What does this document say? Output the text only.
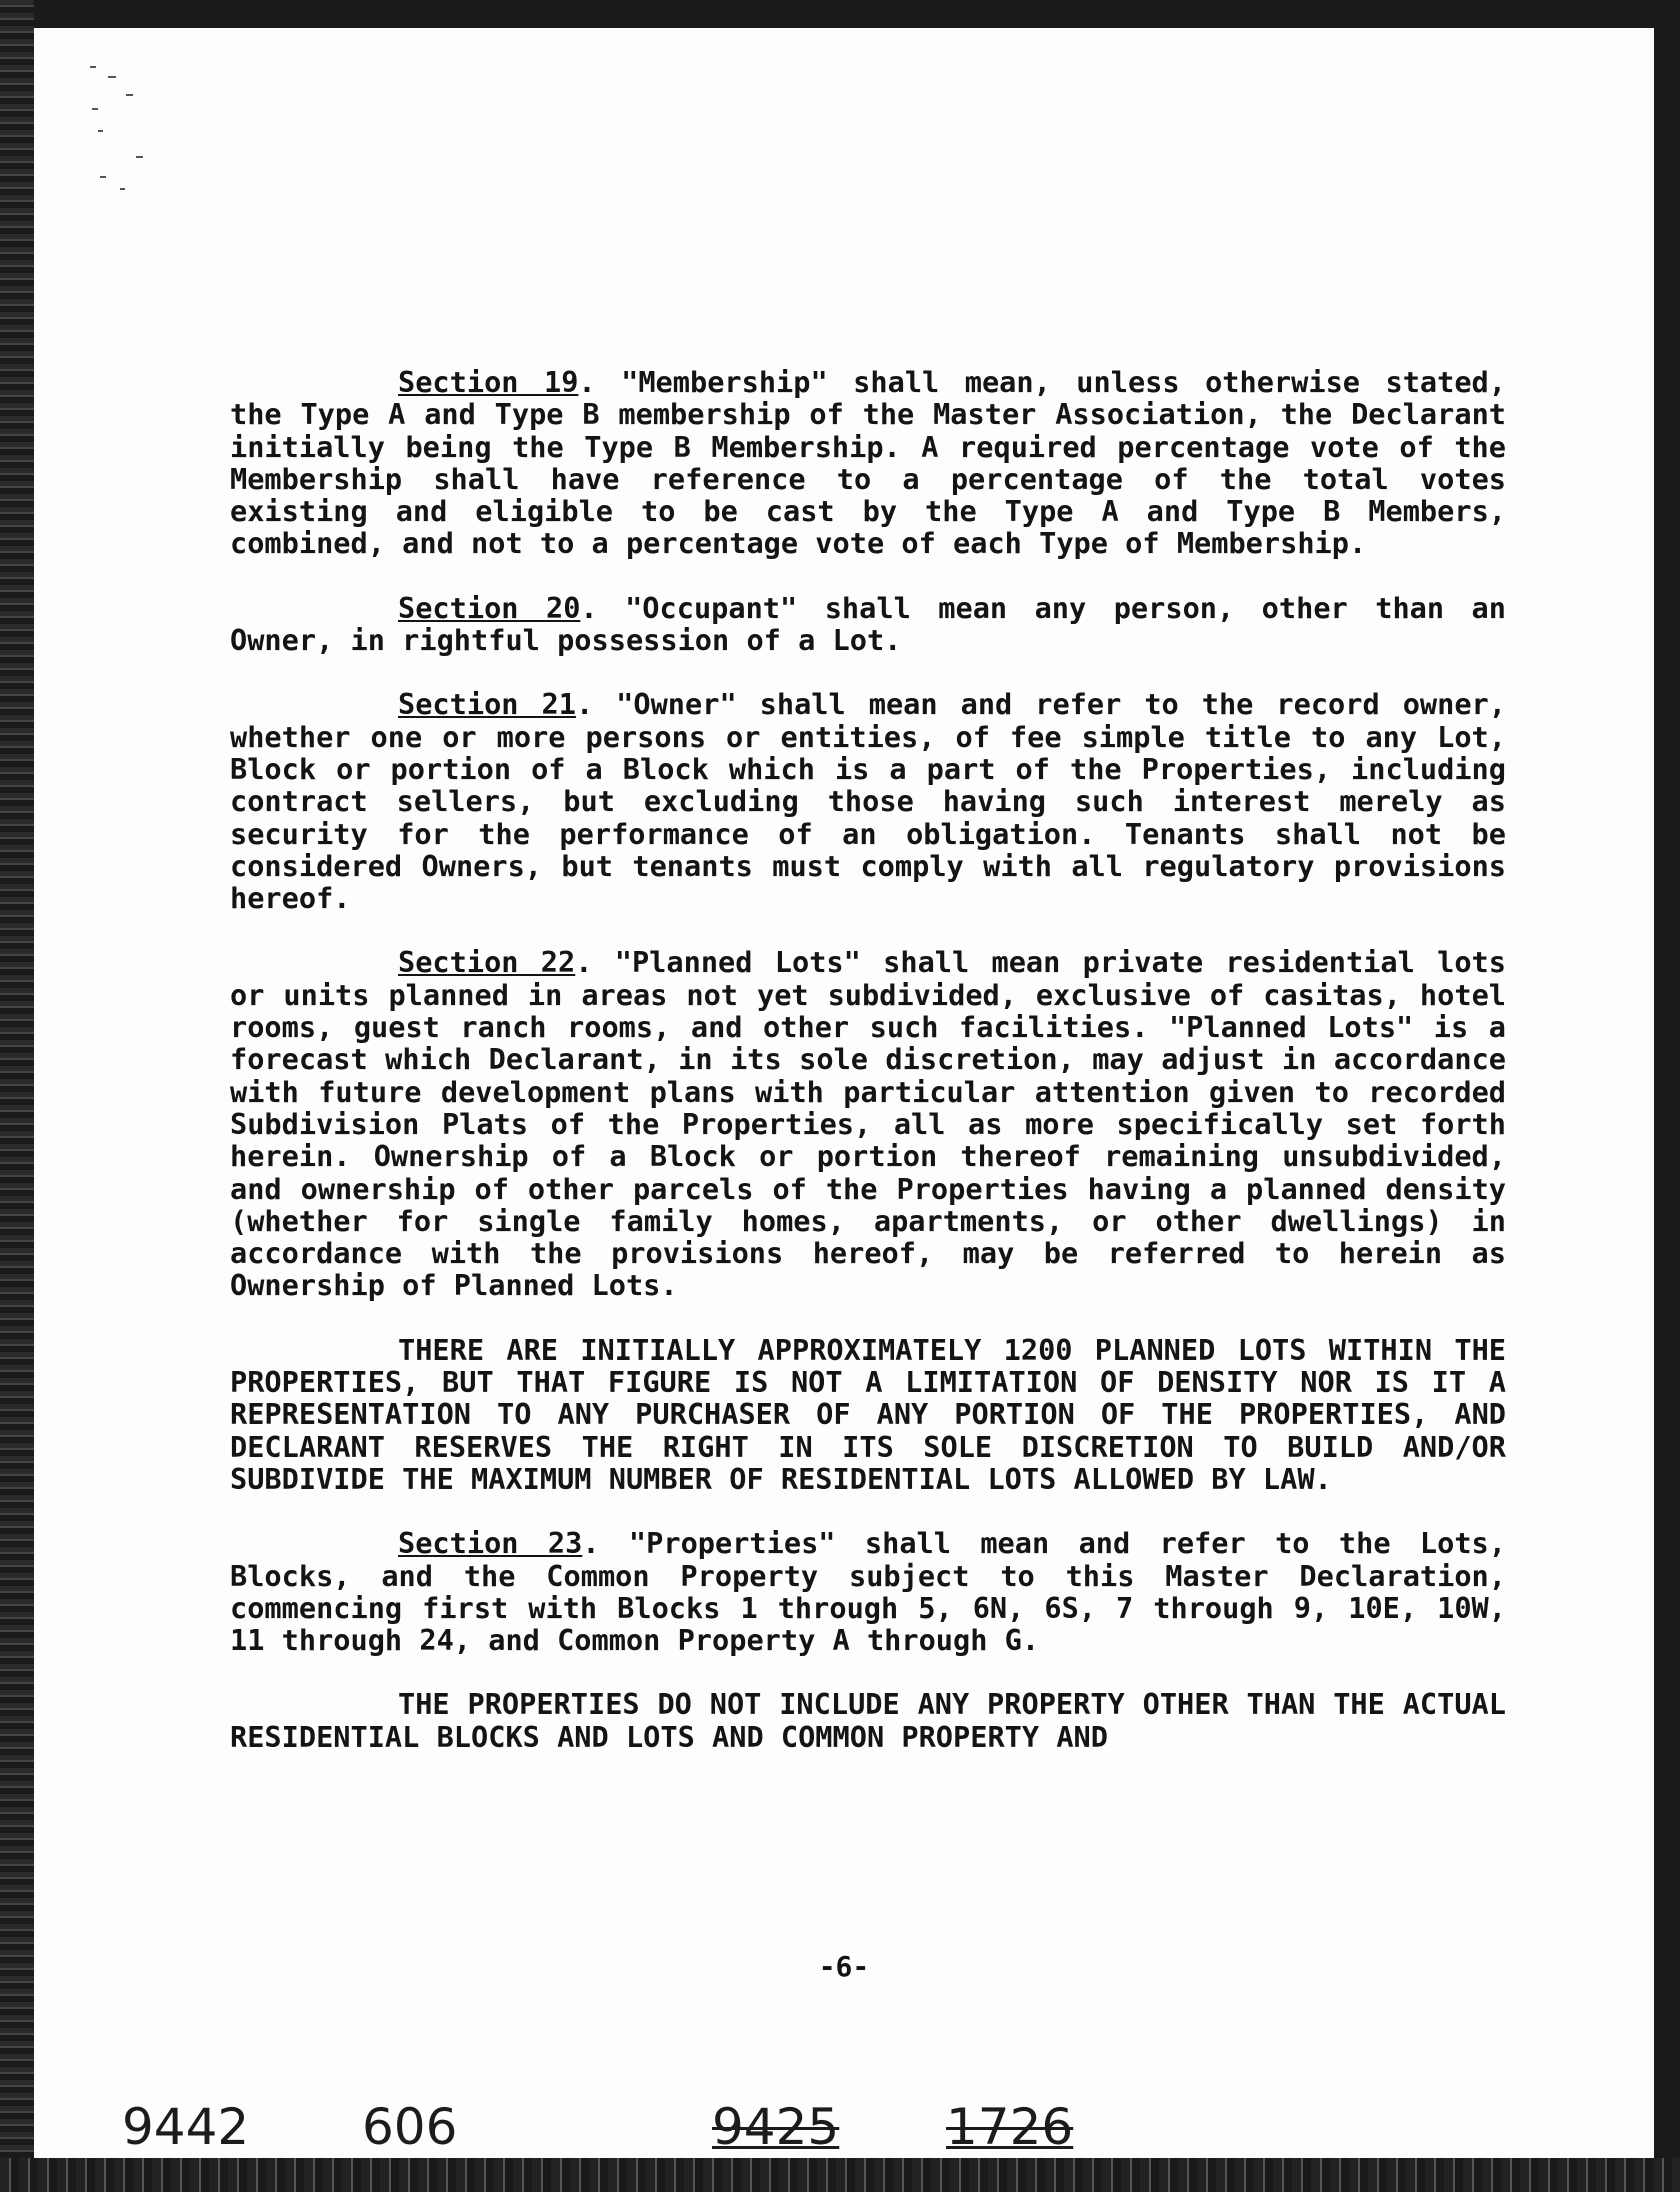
Section 19. "Membership" shall mean, unless otherwise stated, the Type A and Type B membership of the Master Association, the Declarant initially being the Type B Membership. A required percentage vote of the Membership shall have reference to a percentage of the total votes existing and eligible to be cast by the Type A and Type B Members, combined, and not to a percentage vote of each Type of Membership.

Section 20. "Occupant" shall mean any person, other than an Owner, in rightful possession of a Lot.

Section 21. "Owner" shall mean and refer to the record owner, whether one or more persons or entities, of fee simple title to any Lot, Block or portion of a Block which is a part of the Properties, including contract sellers, but excluding those having such interest merely as security for the performance of an obligation. Tenants shall not be considered Owners, but tenants must comply with all regulatory provisions hereof.

Section 22. "Planned Lots" shall mean private residential lots or units planned in areas not yet subdivided, exclusive of casitas, hotel rooms, guest ranch rooms, and other such facilities. "Planned Lots" is a forecast which Declarant, in its sole discretion, may adjust in accordance with future development plans with particular attention given to recorded Subdivision Plats of the Properties, all as more specifically set forth herein. Ownership of a Block or portion thereof remaining unsubdivided, and ownership of other parcels of the Properties having a planned density (whether for single family homes, apartments, or other dwellings) in accordance with the provisions hereof, may be referred to herein as Ownership of Planned Lots.

THERE ARE INITIALLY APPROXIMATELY 1200 PLANNED LOTS WITHIN THE PROPERTIES, BUT THAT FIGURE IS NOT A LIMITATION OF DENSITY NOR IS IT A REPRESENTATION TO ANY PURCHASER OF ANY PORTION OF THE PROPERTIES, AND DECLARANT RESERVES THE RIGHT IN ITS SOLE DISCRETION TO BUILD AND/OR SUBDIVIDE THE MAXIMUM NUMBER OF RESIDENTIAL LOTS ALLOWED BY LAW.

Section 23. "Properties" shall mean and refer to the Lots, Blocks, and the Common Property subject to this Master Declaration, commencing first with Blocks 1 through 5, 6N, 6S, 7 through 9, 10E, 10W, 11 through 24, and Common Property A through G.

THE PROPERTIES DO NOT INCLUDE ANY PROPERTY OTHER THAN THE ACTUAL RESIDENTIAL BLOCKS AND LOTS AND COMMON PROPERTY AND

-6-
9442 606	9425 1726
